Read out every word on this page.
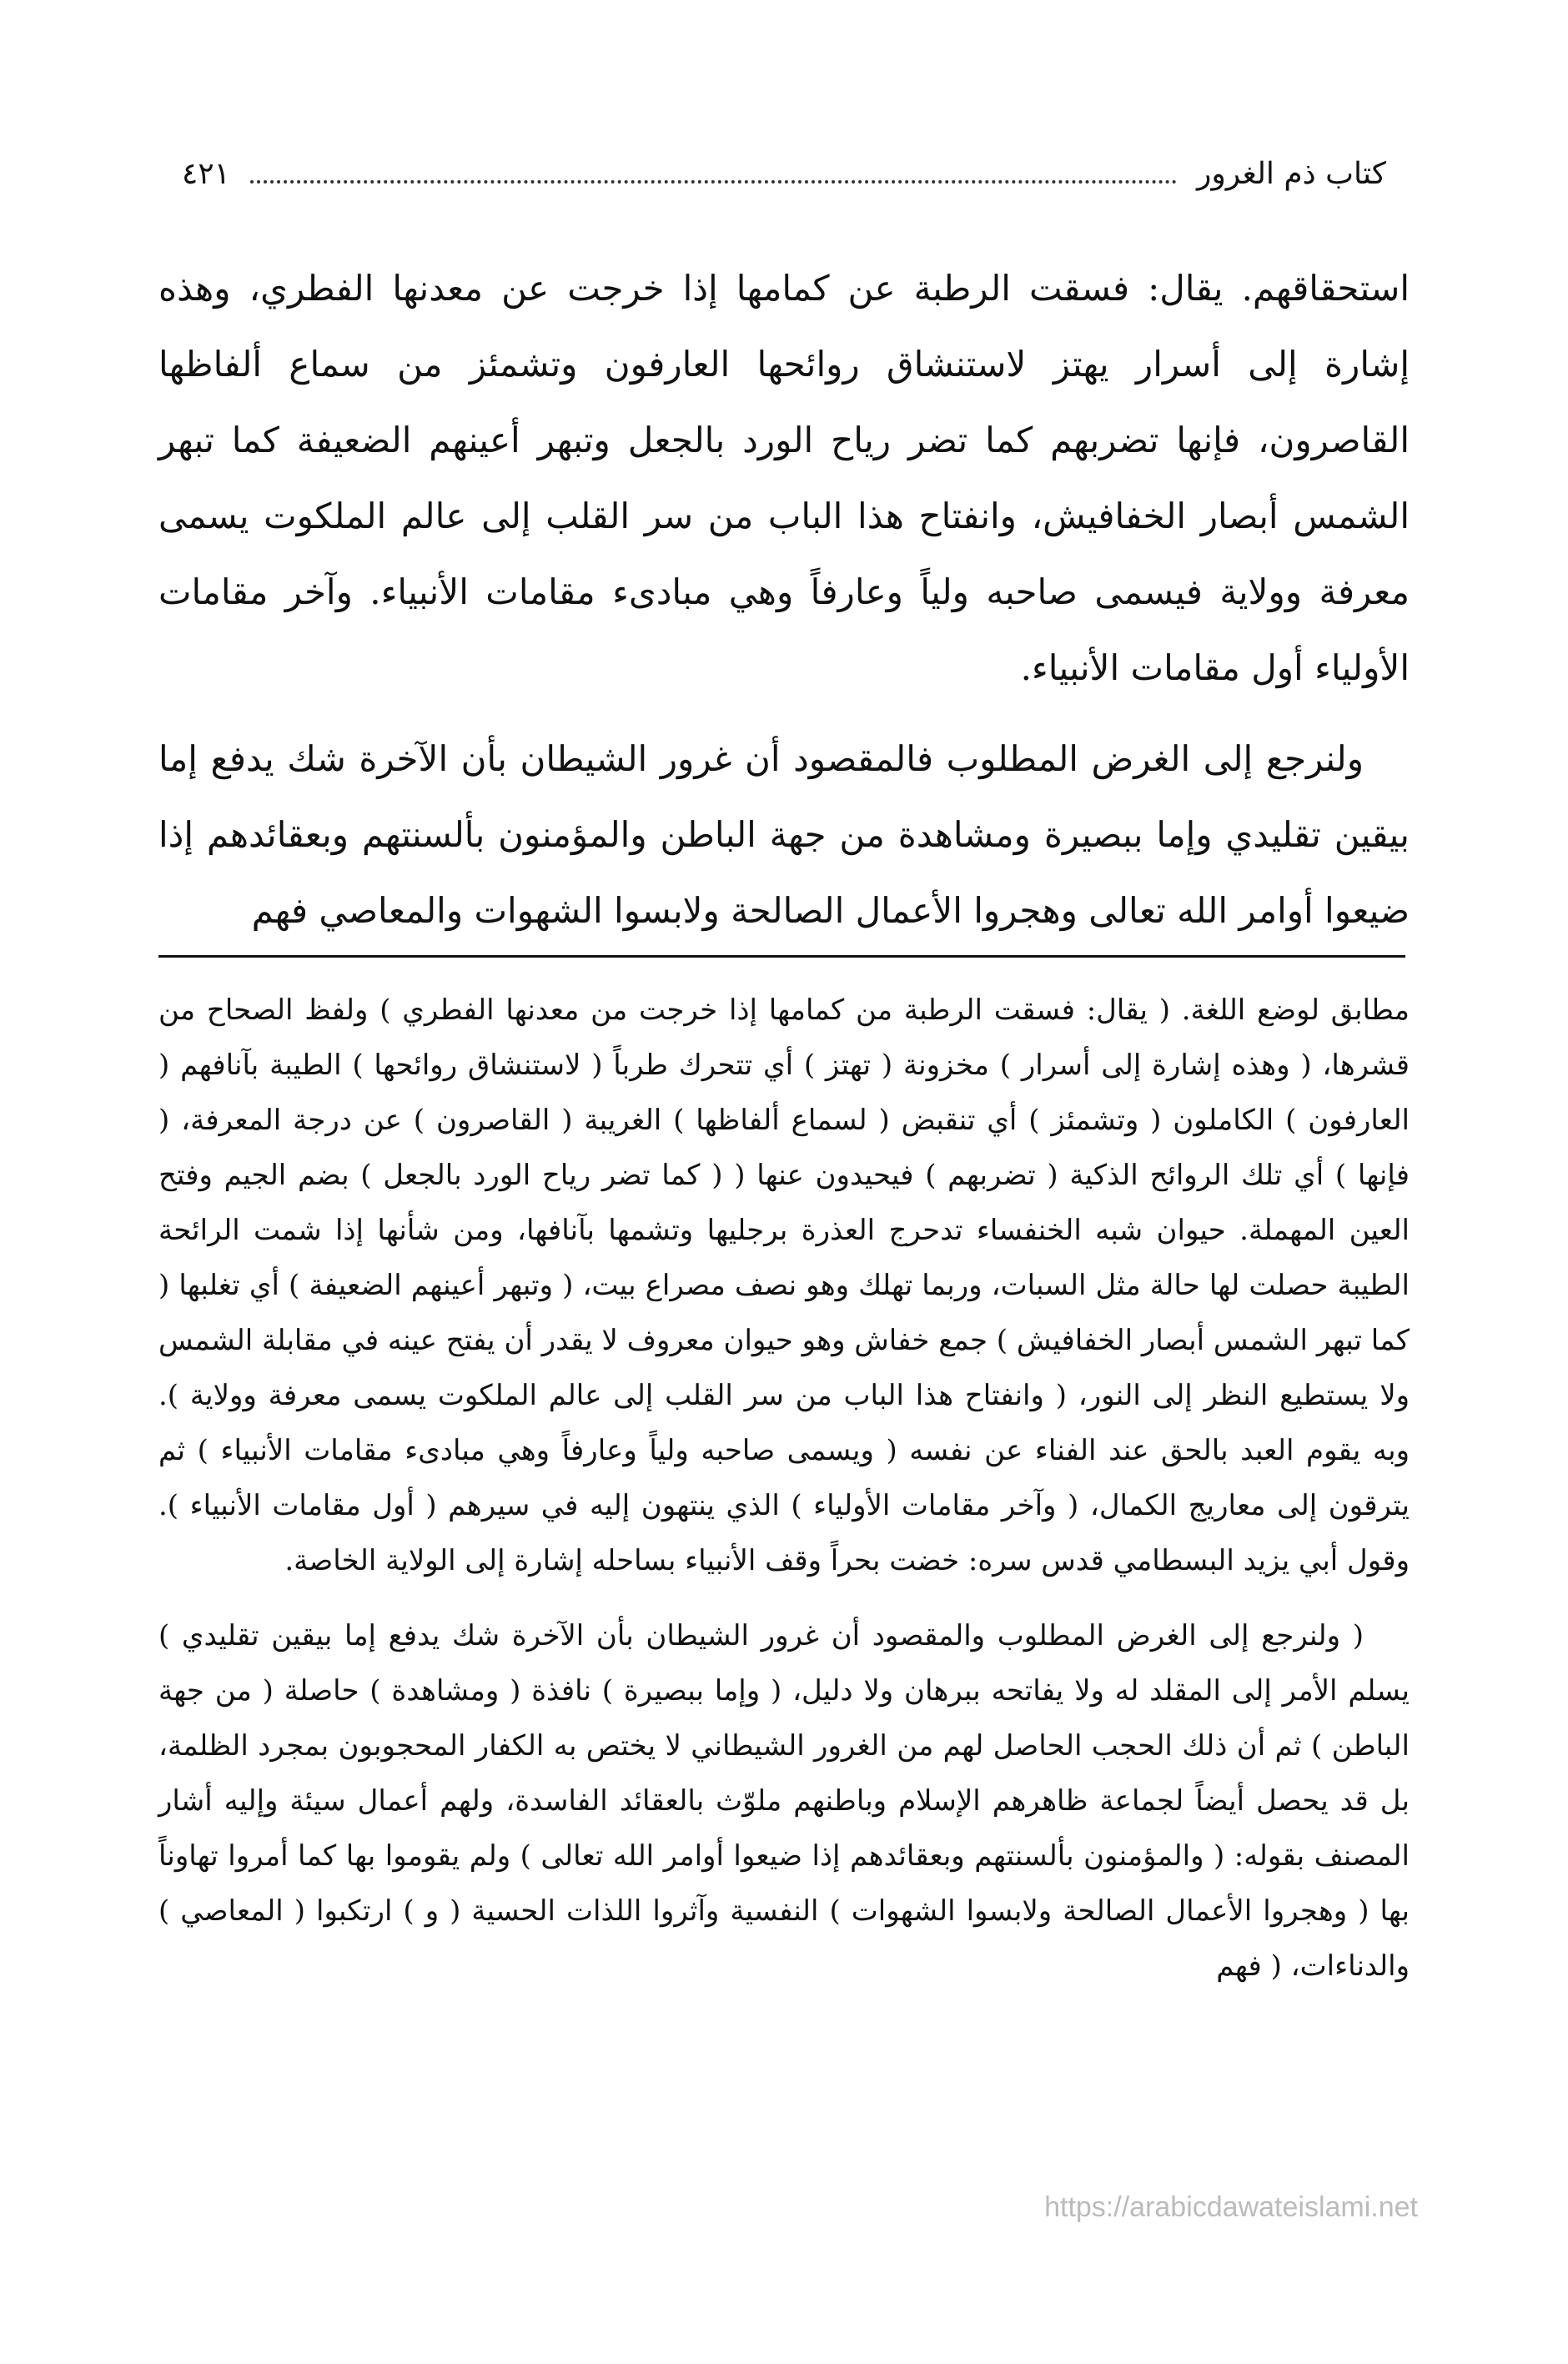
كتاب ذم الغرور
٤٢١

استحقاقهم. يقال: فسقت الرطبة عن كمامها إذا خرجت عن معدنها الفطري، وهذه إشارة إلى أسرار يهتز لاستنشاق روائحها العارفون وتشمئز من سماع ألفاظها القاصرون، فإنها تضربهم كما تضر رياح الورد بالجعل وتبهر أعينهم الضعيفة كما تبهر الشمس أبصار الخفافيش، وانفتاح هذا الباب من سر القلب إلى عالم الملكوت يسمى معرفة وولاية فيسمى صاحبه ولياً وعارفاً وهي مبادىء مقامات الأنبياء. وآخر مقامات الأولياء أول مقامات الأنبياء.

ولنرجع إلى الغرض المطلوب فالمقصود أن غرور الشيطان بأن الآخرة شك يدفع إما بيقين تقليدي وإما ببصيرة ومشاهدة من جهة الباطن والمؤمنون بألسنتهم وبعقائدهم إذا ضيعوا أوامر الله تعالى وهجروا الأعمال الصالحة ولابسوا الشهوات والمعاصي فهم

مطابق لوضع اللغة. ( يقال: فسقت الرطبة من كمامها إذا خرجت من معدنها الفطري ) ولفظ الصحاح من قشرها، ( وهذه إشارة إلى أسرار ) مخزونة ( تهتز ) أي تتحرك طرباً ( لاستنشاق روائحها ) الطيبة بآنافهم ( العارفون ) الكاملون ( وتشمئز ) أي تنقبض ( لسماع ألفاظها ) الغريبة ( القاصرون ) عن درجة المعرفة، ( فإنها ) أي تلك الروائح الذكية ( تضربهم ) فيحيدون عنها ( ( كما تضر رياح الورد بالجعل ) بضم الجيم وفتح العين المهملة. حيوان شبه الخنفساء تدحرج العذرة برجليها وتشمها بآنافها، ومن شأنها إذا شمت الرائحة الطيبة حصلت لها حالة مثل السبات، وربما تهلك وهو نصف مصراع بيت، ( وتبهر أعينهم الضعيفة ) أي تغلبها ( كما تبهر الشمس أبصار الخفافيش ) جمع خفاش وهو حيوان معروف لا يقدر أن يفتح عينه في مقابلة الشمس ولا يستطيع النظر إلى النور، ( وانفتاح هذا الباب من سر القلب إلى عالم الملكوت يسمى معرفة وولاية ). وبه يقوم العبد بالحق عند الفناء عن نفسه ( ويسمى صاحبه ولياً وعارفاً وهي مبادىء مقامات الأنبياء ) ثم يترقون إلى معاريج الكمال، ( وآخر مقامات الأولياء ) الذي ينتهون إليه في سيرهم ( أول مقامات الأنبياء ). وقول أبي يزيد البسطامي قدس سره: خضت بحراً وقف الأنبياء بساحله إشارة إلى الولاية الخاصة.

( ولنرجع إلى الغرض المطلوب والمقصود أن غرور الشيطان بأن الآخرة شك يدفع إما بيقين تقليدي ) يسلم الأمر إلى المقلد له ولا يفاتحه ببرهان ولا دليل، ( وإما ببصيرة ) نافذة ( ومشاهدة ) حاصلة ( من جهة الباطن ) ثم أن ذلك الحجب الحاصل لهم من الغرور الشيطاني لا يختص به الكفار المحجوبون بمجرد الظلمة، بل قد يحصل أيضاً لجماعة ظاهرهم الإسلام وباطنهم ملوّث بالعقائد الفاسدة، ولهم أعمال سيئة وإليه أشار المصنف بقوله: ( والمؤمنون بألسنتهم وبعقائدهم إذا ضيعوا أوامر الله تعالى ) ولم يقوموا بها كما أمروا تهاوناً بها ( وهجروا الأعمال الصالحة ولابسوا الشهوات ) النفسية وآثروا اللذات الحسية ( و ) ارتكبوا ( المعاصي ) والدناءات، ( فهم

https://arabicdawateislami.net
